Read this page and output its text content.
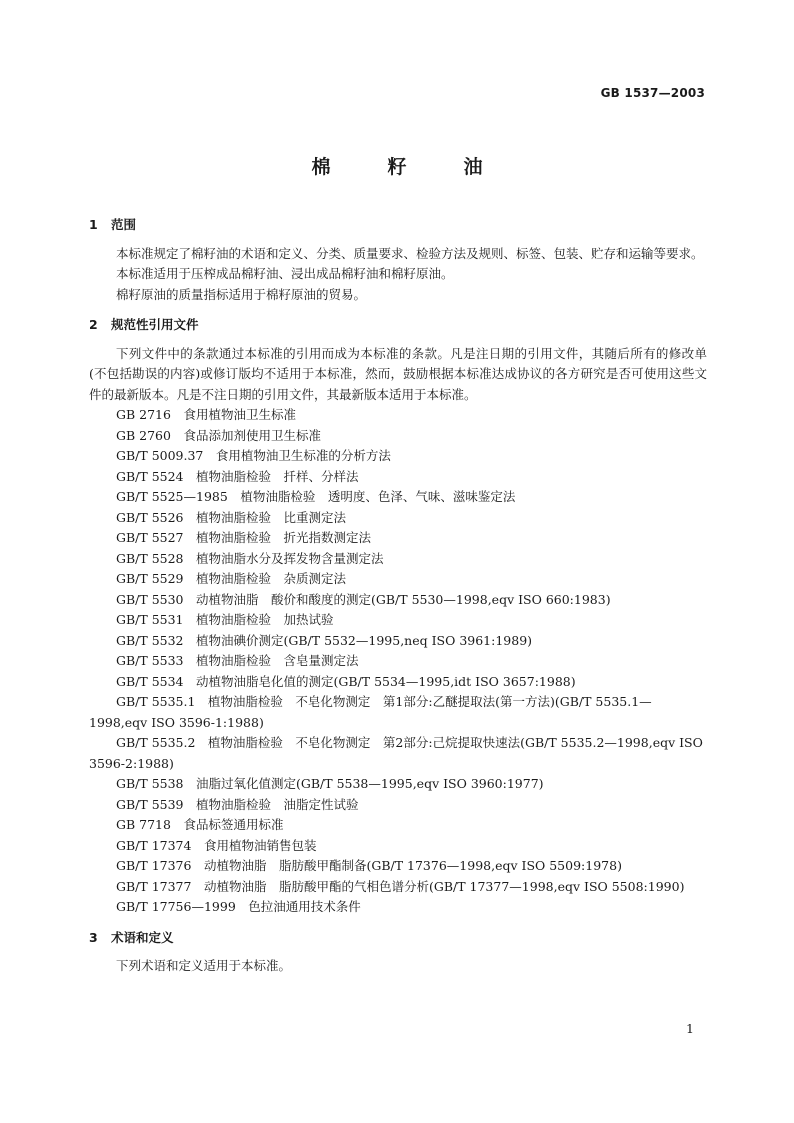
GB 1537—2003
棉　籽　油

1 范围

本标准规定了棉籽油的术语和定义、分类、质量要求、检验方法及规则、标签、包装、贮存和运输等要求。

本标准适用于压榨成品棉籽油、浸出成品棉籽油和棉籽原油。

棉籽原油的质量指标适用于棉籽原油的贸易。

2 规范性引用文件

下列文件中的条款通过本标准的引用而成为本标准的条款。凡是注日期的引用文件，其随后所有的修改单(不包括勘误的内容)或修订版均不适用于本标准，然而，鼓励根据本标准达成协议的各方研究是否可使用这些文件的最新版本。凡是不注日期的引用文件，其最新版本适用于本标准。

GB 2716　食用植物油卫生标准

GB 2760　食品添加剂使用卫生标准

GB/T 5009.37　食用植物油卫生标准的分析方法

GB/T 5524　植物油脂检验　扦样、分样法

GB/T 5525—1985　植物油脂检验　透明度、色泽、气味、滋味鉴定法

GB/T 5526　植物油脂检验　比重测定法

GB/T 5527　植物油脂检验　折光指数测定法

GB/T 5528　植物油脂水分及挥发物含量测定法

GB/T 5529　植物油脂检验　杂质测定法

GB/T 5530　动植物油脂　酸价和酸度的测定(GB/T 5530—1998,eqv ISO 660:1983)

GB/T 5531　植物油脂检验　加热试验

GB/T 5532　植物油碘价测定(GB/T 5532—1995,neq ISO 3961:1989)

GB/T 5533　植物油脂检验　含皂量测定法

GB/T 5534　动植物油脂皂化值的测定(GB/T 5534—1995,idt ISO 3657:1988)

GB/T 5535.1　植物油脂检验　不皂化物测定　第1部分:乙醚提取法(第一方法)(GB/T 5535.1—1998,eqv ISO 3596-1:1988)

GB/T 5535.2　植物油脂检验　不皂化物测定　第2部分:己烷提取快速法(GB/T 5535.2—1998,eqv ISO 3596-2:1988)

GB/T 5538　油脂过氧化值测定(GB/T 5538—1995,eqv ISO 3960:1977)

GB/T 5539　植物油脂检验　油脂定性试验

GB 7718　食品标签通用标准

GB/T 17374　食用植物油销售包装

GB/T 17376　动植物油脂　脂肪酸甲酯制备(GB/T 17376—1998,eqv ISO 5509:1978)

GB/T 17377　动植物油脂　脂肪酸甲酯的气相色谱分析(GB/T 17377—1998,eqv ISO 5508:1990)

GB/T 17756—1999　色拉油通用技术条件

3 术语和定义

下列术语和定义适用于本标准。

1
